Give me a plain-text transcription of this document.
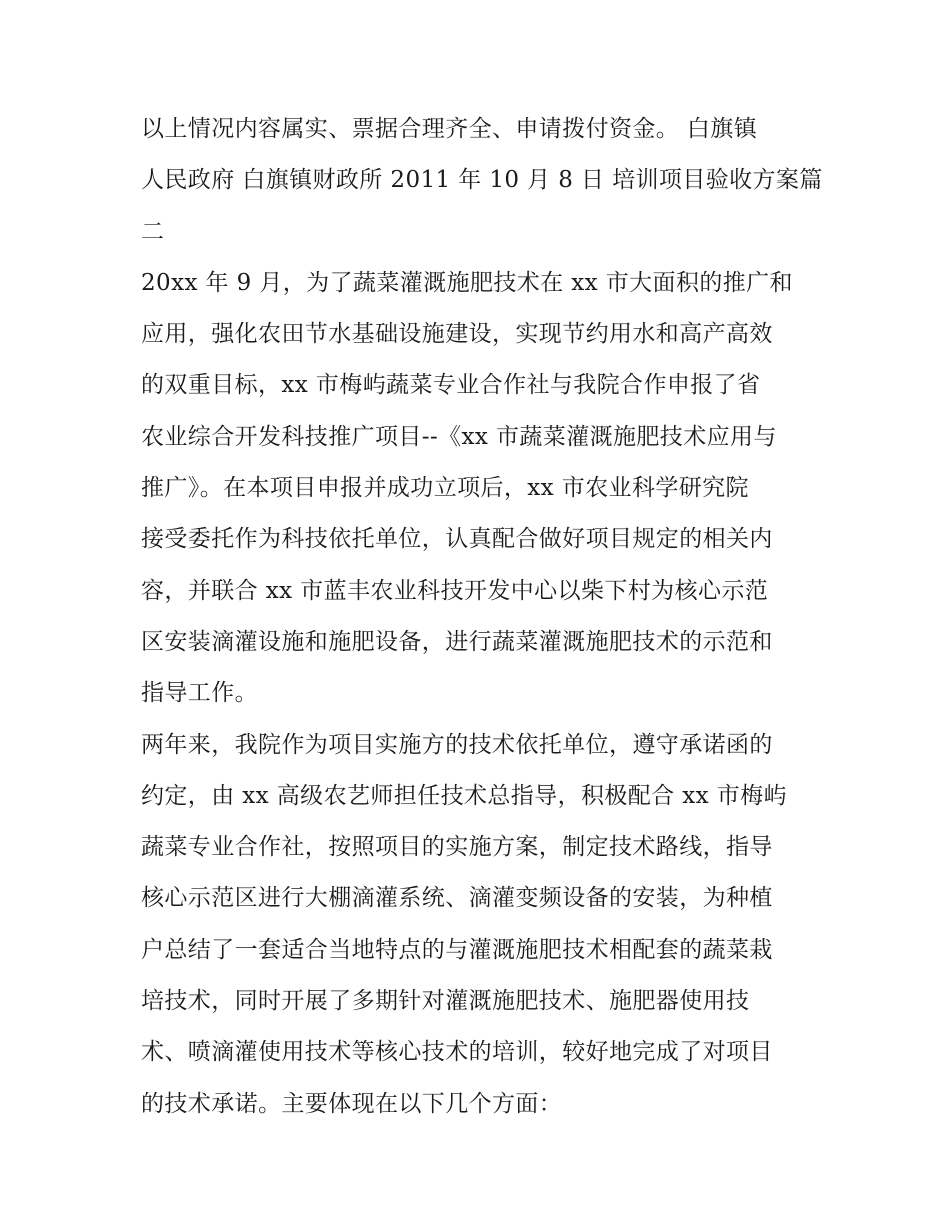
以上情况内容属实、票据合理齐全、申请拨付资金。 白旗镇
人民政府 白旗镇财政所 2011 年 10 月 8 日 培训项目验收方案篇
二

20xx 年 9 月，为了蔬菜灌溉施肥技术在 xx 市大面积的推广和
应用，强化农田节水基础设施建设，实现节约用水和高产高效
的双重目标，xx 市梅屿蔬菜专业合作社与我院合作申报了省
农业综合开发科技推广项目--《xx 市蔬菜灌溉施肥技术应用与
推广》。在本项目申报并成功立项后，xx 市农业科学研究院
接受委托作为科技依托单位，认真配合做好项目规定的相关内
容，并联合 xx 市蓝丰农业科技开发中心以柴下村为核心示范
区安装滴灌设施和施肥设备，进行蔬菜灌溉施肥技术的示范和
指导工作。

两年来，我院作为项目实施方的技术依托单位，遵守承诺函的
约定，由 xx 高级农艺师担任技术总指导，积极配合 xx 市梅屿
蔬菜专业合作社，按照项目的实施方案，制定技术路线，指导
核心示范区进行大棚滴灌系统、滴灌变频设备的安装，为种植
户总结了一套适合当地特点的与灌溉施肥技术相配套的蔬菜栽
培技术，同时开展了多期针对灌溉施肥技术、施肥器使用技
术、喷滴灌使用技术等核心技术的培训，较好地完成了对项目
的技术承诺。主要体现在以下几个方面：
